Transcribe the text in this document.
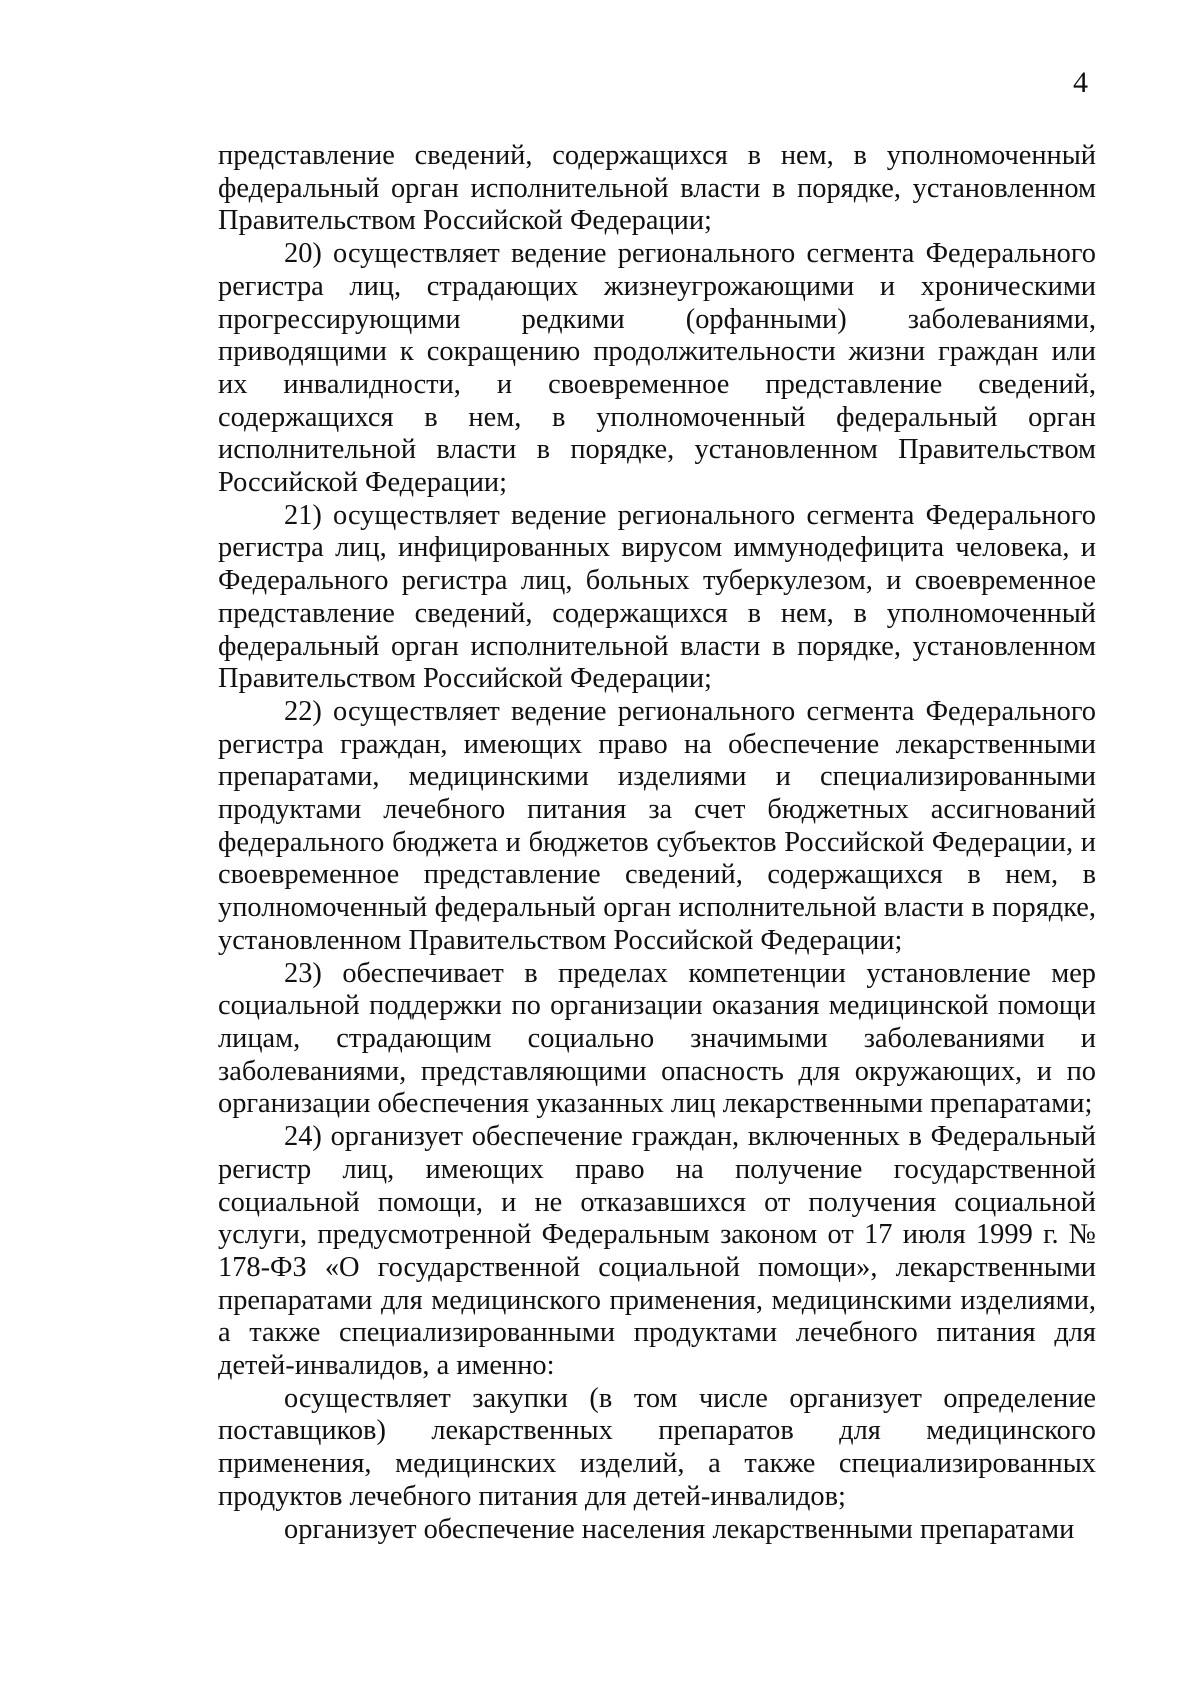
4

представление сведений, содержащихся в нем, в уполномоченный федеральный орган исполнительной власти в порядке, установленном Правительством Российской Федерации;

20) осуществляет ведение регионального сегмента Федерального регистра лиц, страдающих жизнеугрожающими и хроническими прогрессирующими редкими (орфанными) заболеваниями, приводящими к сокращению продолжительности жизни граждан или их инвалидности, и своевременное представление сведений, содержащихся в нем, в уполномоченный федеральный орган исполнительной власти в порядке, установленном Правительством Российской Федерации;

21) осуществляет ведение регионального сегмента Федерального регистра лиц, инфицированных вирусом иммунодефицита человека, и Федерального регистра лиц, больных туберкулезом, и своевременное представление сведений, содержащихся в нем, в уполномоченный федеральный орган исполнительной власти в порядке, установленном Правительством Российской Федерации;

22) осуществляет ведение регионального сегмента Федерального регистра граждан, имеющих право на обеспечение лекарственными препаратами, медицинскими изделиями и специализированными продуктами лечебного питания за счет бюджетных ассигнований федерального бюджета и бюджетов субъектов Российской Федерации, и своевременное представление сведений, содержащихся в нем, в уполномоченный федеральный орган исполнительной власти в порядке, установленном Правительством Российской Федерации;

23) обеспечивает в пределах компетенции установление мер социальной поддержки по организации оказания медицинской помощи лицам, страдающим социально значимыми заболеваниями и заболеваниями, представляющими опасность для окружающих, и по организации обеспечения указанных лиц лекарственными препаратами;

24) организует обеспечение граждан, включенных в Федеральный регистр лиц, имеющих право на получение государственной социальной помощи, и не отказавшихся от получения социальной услуги, предусмотренной Федеральным законом от 17 июля 1999 г. № 178-ФЗ «О государственной социальной помощи», лекарственными препаратами для медицинского применения, медицинскими изделиями, а также специализированными продуктами лечебного питания для детей-инвалидов, а именно:

осуществляет закупки (в том числе организует определение поставщиков) лекарственных препаратов для медицинского применения, медицинских изделий, а также специализированных продуктов лечебного питания для детей-инвалидов;

организует обеспечение населения лекарственными препаратами
